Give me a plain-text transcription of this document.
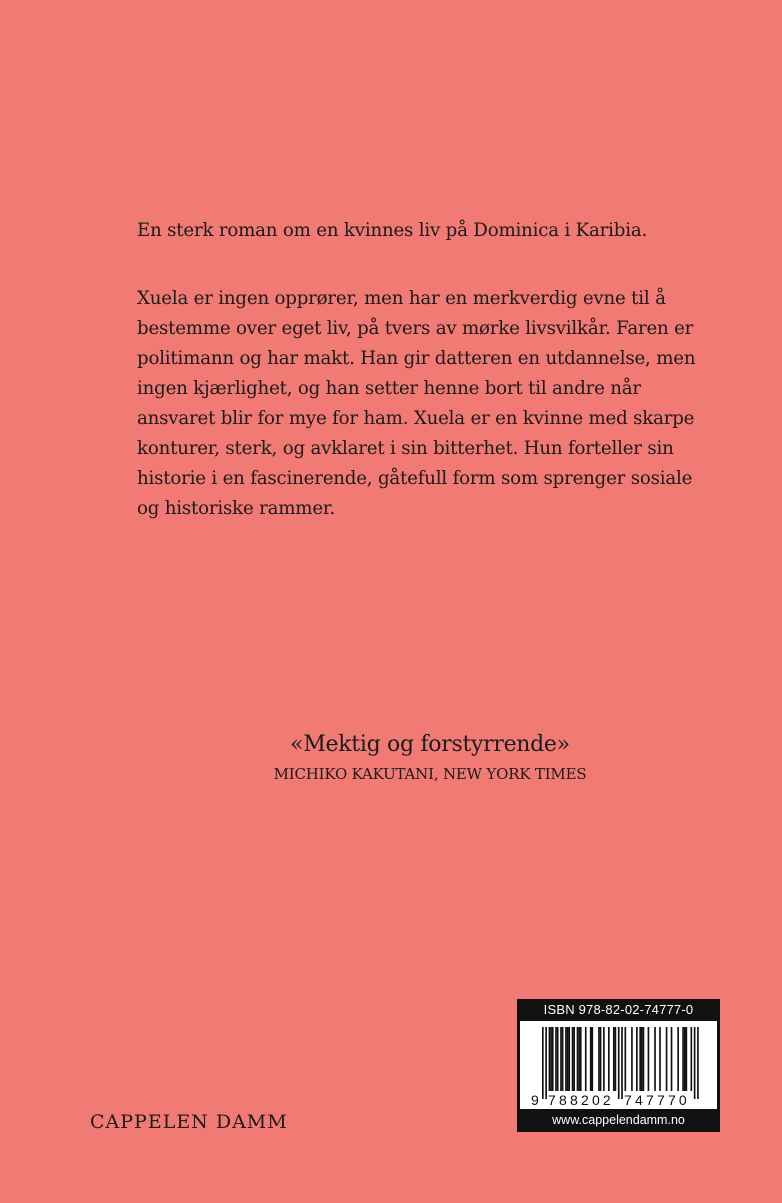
En sterk roman om en kvinnes liv på Dominica i Karibia.

Xuela er ingen opprører, men har en merkverdig evne til å bestemme over eget liv, på tvers av mørke livsvilkår. Faren er politimann og har makt. Han gir datteren en utdannelse, men ingen kjærlighet, og han setter henne bort til andre når ansvaret blir for mye for ham. Xuela er en kvinne med skarpe konturer, sterk, og avklaret i sin bitterhet. Hun forteller sin historie i en fascinerende, gåtefull form som sprenger sosiale og historiske rammer.

«Mektig og forstyrrende»
MICHIKO KAKUTANI, NEW YORK TIMES
CAPPELEN DAMM
ISBN 978-82-02-74777-0
9 788202 747770
www.cappelendamm.no
